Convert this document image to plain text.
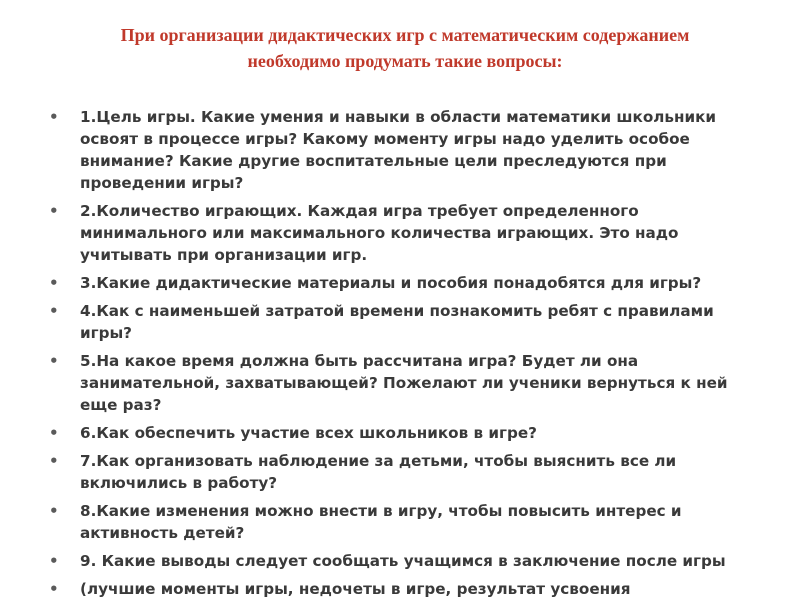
При организации дидактических игр с математическим содержанием
необходимо продумать такие вопросы:
• 1.Цель игры. Какие умения и навыки в области математики школьники освоят в процессе игры? Какому моменту игры надо уделить особое внимание? Какие другие воспитательные цели преследуются при проведении игры?
• 2.Количество играющих. Каждая игра требует определенного минимального или максимального количества играющих. Это надо учитывать при организации игр.
• 3.Какие дидактические материалы и пособия понадобятся для игры?
• 4.Как с наименьшей затратой времени познакомить ребят с правилами игры?
• 5.На какое время должна быть рассчитана игра? Будет ли она занимательной, захватывающей? Пожелают ли ученики вернуться к ней еще раз?
• 6.Как обеспечить участие всех школьников в игре?
• 7.Как организовать наблюдение за детьми, чтобы выяснить все ли включились в работу?
• 8.Какие изменения можно внести в игру, чтобы повысить интерес и активность детей?
• 9. Какие выводы следует сообщать учащимся в заключение после игры
• (лучшие моменты игры, недочеты в игре, результат усвоения
